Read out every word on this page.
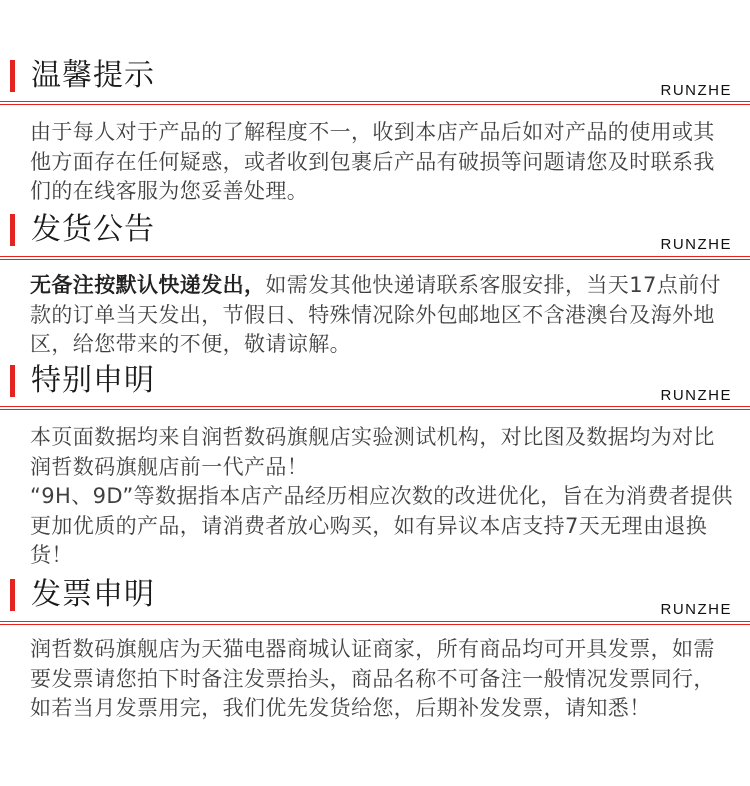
温馨提示	RUNZHE

由于每人对于产品的了解程度不一，收到本店产品后如对产品的使用或其他方面存在任何疑惑，或者收到包裹后产品有破损等问题请您及时联系我们的在线客服为您妥善处理。

发货公告	RUNZHE

无备注按默认快递发出，如需发其他快递请联系客服安排，当天17点前付款的订单当天发出，节假日、特殊情况除外包邮地区不含港澳台及海外地区，给您带来的不便，敬请谅解。

特别申明	RUNZHE

本页面数据均来自润哲数码旗舰店实验测试机构，对比图及数据均为对比润哲数码旗舰店前一代产品！

“9H、9D”等数据指本店产品经历相应次数的改进优化，旨在为消费者提供更加优质的产品，请消费者放心购买，如有异议本店支持7天无理由退换货！

发票申明	RUNZHE

润哲数码旗舰店为天猫电器商城认证商家，所有商品均可开具发票，如需要发票请您拍下时备注发票抬头，商品名称不可备注一般情况发票同行，如若当月发票用完，我们优先发货给您，后期补发发票，请知悉！
